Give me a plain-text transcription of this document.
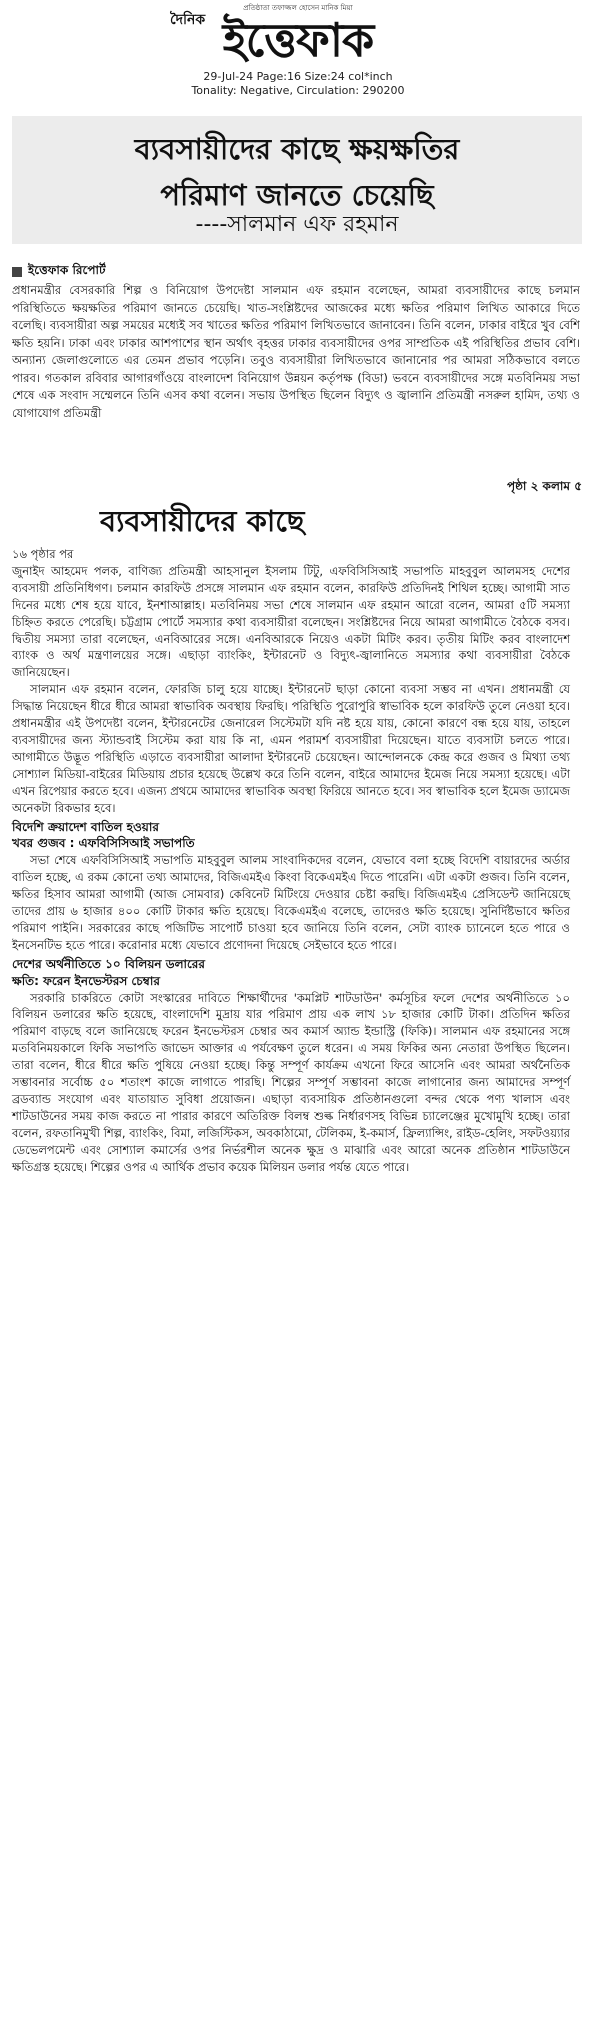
প্রতিষ্ঠাতা তফাজ্জল হোসেন মানিক মিয়া
দৈনিক ইত্তেফাক
29-Jul-24 Page:16 Size:24 col*inch
Tonality: Negative, Circulation: 290200
ব্যবসায়ীদের কাছে ক্ষয়ক্ষতির
পরিমাণ জানতে চেয়েছি
----সালমান এফ রহমান
ইত্তেফাক রিপোর্ট
প্রধানমন্ত্রীর বেসরকারি শিল্প ও বিনিয়োগ উপদেষ্টা সালমান এফ রহমান বলেছেন, আমরা ব্যবসায়ীদের কাছে চলমান পরিস্থিতিতে ক্ষয়ক্ষতির পরিমাণ জানতে চেয়েছি। খাত-সংশ্লিষ্টদের আজকের মধ্যে ক্ষতির পরিমাণ লিখিত আকারে দিতে বলেছি। ব্যবসায়ীরা অল্প সময়ের মধ্যেই সব খাতের ক্ষতির পরিমাণ লিখিতভাবে জানাবেন। তিনি বলেন, ঢাকার বাইরে খুব বেশি ক্ষতি হয়নি। ঢাকা এবং ঢাকার আশপাশের স্থান অর্থাৎ বৃহত্তর ঢাকার ব্যবসায়ীদের ওপর সাম্প্রতিক এই পরিস্থিতির প্রভাব বেশি। অন্যান্য জেলাগুলোতে এর তেমন প্রভাব পড়েনি। তবুও ব্যবসায়ীরা লিখিতভাবে জানানোর পর আমরা সঠিকভাবে বলতে পারব। গতকাল রবিবার আগারগাঁওয়ে বাংলাদেশ বিনিয়োগ উন্নয়ন কর্তৃপক্ষ (বিডা) ভবনে ব্যবসায়ীদের সঙ্গে মতবিনিময় সভা শেষে এক সংবাদ সম্মেলনে তিনি এসব কথা বলেন। সভায় উপস্থিত ছিলেন বিদ্যুৎ ও জ্বালানি প্রতিমন্ত্রী নসরুল হামিদ, তথ্য ও যোগাযোগ প্রতিমন্ত্রী
পৃষ্ঠা ২ কলাম ৫
ব্যবসায়ীদের কাছে

১৬ পৃষ্ঠার পর

জুনাইদ আহমেদ পলক, বাণিজ্য প্রতিমন্ত্রী আহসানুল ইসলাম টিটু, এফবিসিসিআই সভাপতি মাহবুবুল আলমসহ দেশের ব্যবসায়ী প্রতিনিধিগণ। চলমান কারফিউ প্রসঙ্গে সালমান এফ রহমান বলেন, কারফিউ প্রতিদিনই শিথিল হচ্ছে। আগামী সাত দিনের মধ্যে শেষ হয়ে যাবে, ইনশাআল্লাহ। মতবিনিময় সভা শেষে সালমান এফ রহমান আরো বলেন, আমরা ৫টি সমস্যা চিহ্নিত করতে পেরেছি। চট্টগ্রাম পোর্টে সমস্যার কথা ব্যবসায়ীরা বলেছেন। সংশ্লিষ্টদের নিয়ে আমরা আগামীতে বৈঠকে বসব। দ্বিতীয় সমস্যা তারা বলেছেন, এনবিআরের সঙ্গে। এনবিআরকে নিয়েও একটা মিটিং করব। তৃতীয় মিটিং করব বাংলাদেশ ব্যাংক ও অর্থ মন্ত্রণালয়ের সঙ্গে। এছাড়া ব্যাংকিং, ইন্টারনেট ও বিদ্যুৎ-জ্বালানিতে সমস্যার কথা ব্যবসায়ীরা বৈঠকে জানিয়েছেন।

সালমান এফ রহমান বলেন, ফোরজি চালু হয়ে যাচ্ছে। ইন্টারনেট ছাড়া কোনো ব্যবসা সম্ভব না এখন। প্রধানমন্ত্রী যে সিদ্ধান্ত নিয়েছেন ধীরে ধীরে আমরা স্বাভাবিক অবস্থায় ফিরছি। পরিস্থিতি পুরোপুরি স্বাভাবিক হলে কারফিউ তুলে নেওয়া হবে। প্রধানমন্ত্রীর এই উপদেষ্টা বলেন, ইন্টারনেটের জেনারেল সিস্টেমটা যদি নষ্ট হয়ে যায়, কোনো কারণে বন্ধ হয়ে যায়, তাহলে ব্যবসায়ীদের জন্য স্ট্যান্ডবাই সিস্টেম করা যায় কি না, এমন পরামর্শ ব্যবসায়ীরা দিয়েছেন। যাতে ব্যবসাটা চলতে পারে। আগামীতে উদ্ভূত পরিস্থিতি এড়াতে ব্যবসায়ীরা আলাদা ইন্টারনেট চেয়েছেন। আন্দোলনকে কেন্দ্র করে গুজব ও মিথ্যা তথ্য সোশ্যাল মিডিয়া-বাইরের মিডিয়ায় প্রচার হয়েছে উল্লেখ করে তিনি বলেন, বাইরে আমাদের ইমেজ নিয়ে সমস্যা হয়েছে। এটা এখন রিপেয়ার করতে হবে। এজন্য প্রথমে আমাদের স্বাভাবিক অবস্থা ফিরিয়ে আনতে হবে। সব স্বাভাবিক হলে ইমেজ ড্যামেজ অনেকটা রিকভার হবে।

বিদেশি ক্রয়াদেশ বাতিল হওয়ার
খবর গুজব : এফবিসিসিআই সভাপতি

সভা শেষে এফবিসিসিআই সভাপতি মাহবুবুল আলম সাংবাদিকদের বলেন, যেভাবে বলা হচ্ছে বিদেশি বায়ারদের অর্ডার বাতিল হচ্ছে, এ রকম কোনো তথ্য আমাদের, বিজিএমইএ কিংবা বিকেএমইএ দিতে পারেনি। এটা একটা গুজব। তিনি বলেন, ক্ষতির হিসাব আমরা আগামী (আজ সোমবার) কেবিনেট মিটিংয়ে দেওয়ার চেষ্টা করছি। বিজিএমইএ প্রেসিডেন্ট জানিয়েছে তাদের প্রায় ৬ হাজার ৪০০ কোটি টাকার ক্ষতি হয়েছে। বিকেএমইএ বলেছে, তাদেরও ক্ষতি হয়েছে। সুনির্দিষ্টভাবে ক্ষতির পরিমাণ পাইনি। সরকারের কাছে পজিটিভ সাপোর্ট চাওয়া হবে জানিয়ে তিনি বলেন, সেটা ব্যাংক চ্যানেলে হতে পারে ও ইনসেনটিভ হতে পারে। করোনার মধ্যে যেভাবে প্রণোদনা দিয়েছে সেইভাবে হতে পারে।

দেশের অর্থনীতিতে ১০ বিলিয়ন ডলারের
ক্ষতি: ফরেন ইনভেস্টরস চেম্বার

সরকারি চাকরিতে কোটা সংস্কারের দাবিতে শিক্ষার্থীদের 'কমপ্লিট শাটডাউন' কর্মসূচির ফলে দেশের অর্থনীতিতে ১০ বিলিয়ন ডলারের ক্ষতি হয়েছে, বাংলাদেশি মুদ্রায় যার পরিমাণ প্রায় এক লাখ ১৮ হাজার কোটি টাকা। প্রতিদিন ক্ষতির পরিমাণ বাড়ছে বলে জানিয়েছে ফরেন ইনভেস্টরস চেম্বার অব কমার্স অ্যান্ড ইন্ডাস্ট্রি (ফিকি)। সালমান এফ রহমানের সঙ্গে মতবিনিময়কালে ফিকি সভাপতি জাভেদ আক্তার এ পর্যবেক্ষণ তুলে ধরেন। এ সময় ফিকির অন্য নেতারা উপস্থিত ছিলেন। তারা বলেন, ধীরে ধীরে ক্ষতি পুষিয়ে নেওয়া হচ্ছে। কিন্তু সম্পূর্ণ কার্যক্রম এখনো ফিরে আসেনি এবং আমরা অর্থনৈতিক সম্ভাবনার সর্বোচ্চ ৫০ শতাংশ কাজে লাগাতে পারছি। শিল্পের সম্পূর্ণ সম্ভাবনা কাজে লাগানোর জন্য আমাদের সম্পূর্ণ ব্রডব্যান্ড সংযোগ এবং যাতায়াত সুবিধা প্রয়োজন। এছাড়া ব্যবসায়িক প্রতিষ্ঠানগুলো বন্দর থেকে পণ্য খালাস এবং শাটডাউনের সময় কাজ করতে না পারার কারণে অতিরিক্ত বিলম্ব শুল্ক নির্ধারণসহ বিভিন্ন চ্যালেঞ্জের মুখোমুখি হচ্ছে। তারা বলেন, রফতানিমুখী শিল্প, ব্যাংকিং, বিমা, লজিস্টিকস, অবকাঠামো, টেলিকম, ই-কমার্স, ফ্রিল্যান্সিং, রাইড-হেলিং, সফটওয়্যার ডেভেলপমেন্ট এবং সোশ্যাল কমার্সের ওপর নির্ভরশীল অনেক ক্ষুদ্র ও মাঝারি এবং আরো অনেক প্রতিষ্ঠান শাটডাউনে ক্ষতিগ্রস্ত হয়েছে। শিল্পের ওপর এ আর্থিক প্রভাব কয়েক মিলিয়ন ডলার পর্যন্ত যেতে পারে।
